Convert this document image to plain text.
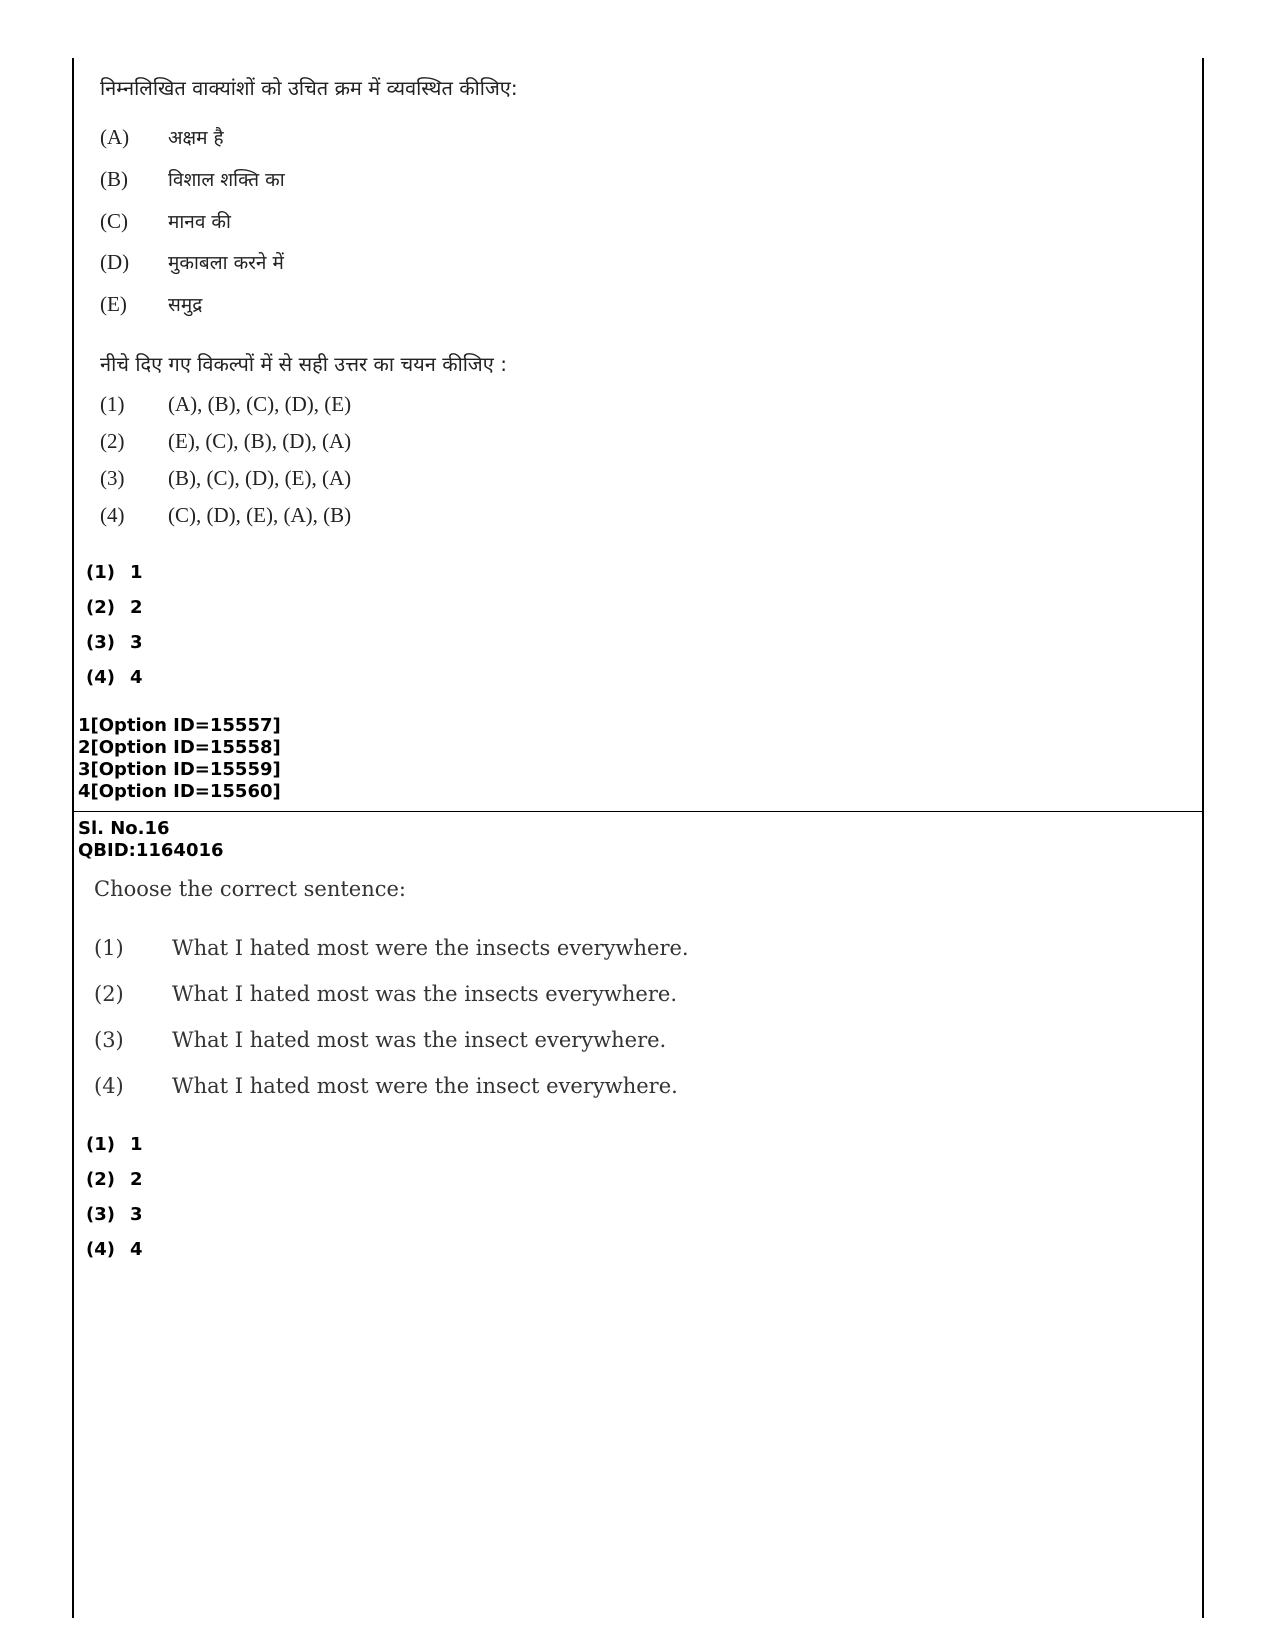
निम्नलिखित वाक्यांशों को उचित क्रम में व्यवस्थित कीजिए:
(A)	अक्षम है
(B)	विशाल शक्ति का
(C)	मानव की
(D)	मुकाबला करने में
(E)	समुद्र
नीचे दिए गए विकल्पों में से सही उत्तर का चयन कीजिए :
(1)	(A), (B), (C), (D), (E)
(2)	(E), (C), (B), (D), (A)
(3)	(B), (C), (D), (E), (A)
(4)	(C), (D), (E), (A), (B)
(1) 1
(2) 2
(3) 3
(4) 4
1[Option ID=15557]
2[Option ID=15558]
3[Option ID=15559]
4[Option ID=15560]
Sl. No.16
QBID:1164016
Choose the correct sentence:
(1)	What I hated most were the insects everywhere.
(2)	What I hated most was the insects everywhere.
(3)	What I hated most was the insect everywhere.
(4)	What I hated most were the insect everywhere.
(1) 1
(2) 2
(3) 3
(4) 4
